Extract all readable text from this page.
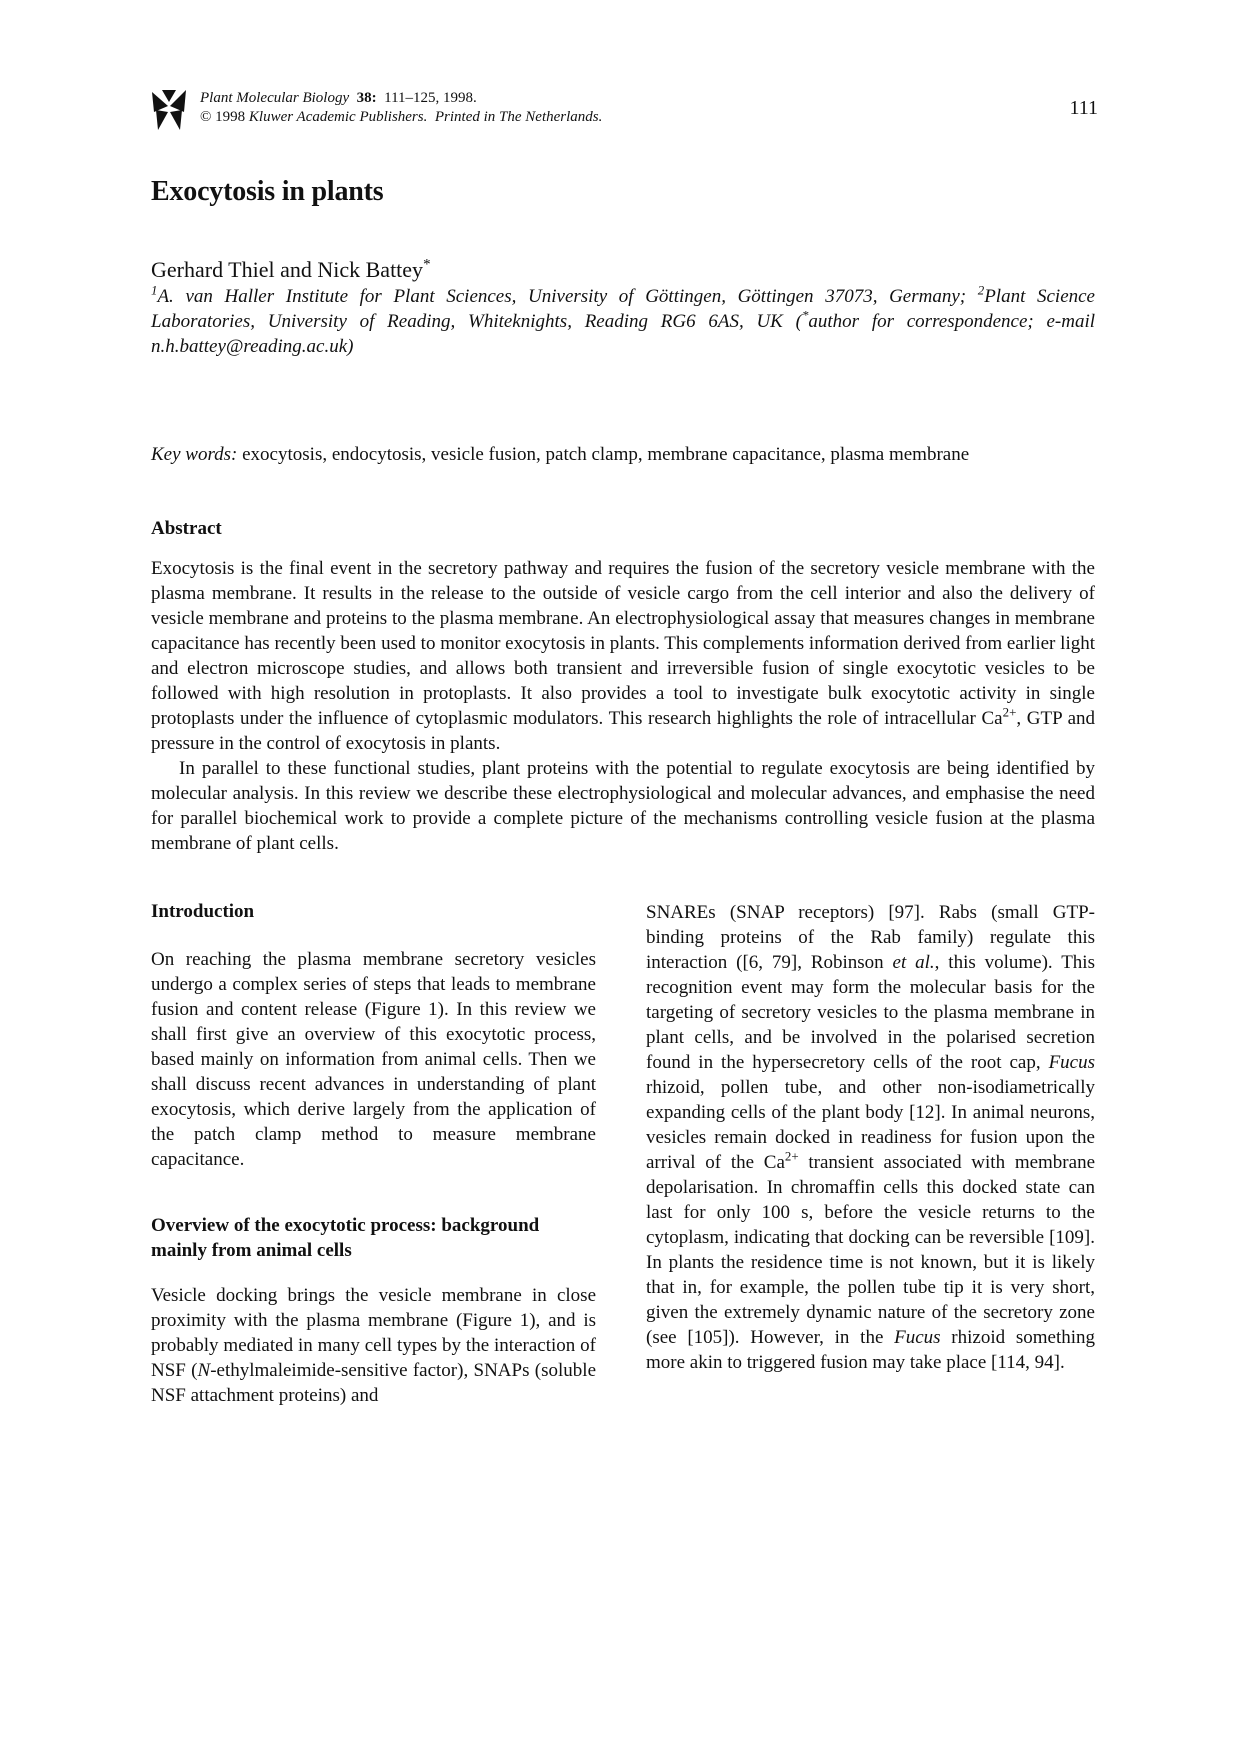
Plant Molecular Biology 38: 111–125, 1998.
© 1998 Kluwer Academic Publishers. Printed in The Netherlands.	111
Exocytosis in plants
Gerhard Thiel and Nick Battey*
$^1$A. van Haller Institute for Plant Sciences, University of Göttingen, Göttingen 37073, Germany; $^2$Plant Science Laboratories, University of Reading, Whiteknights, Reading RG6 6AS, UK (*author for correspondence; e-mail n.h.battey@reading.ac.uk)
Key words: exocytosis, endocytosis, vesicle fusion, patch clamp, membrane capacitance, plasma membrane
Abstract

Exocytosis is the final event in the secretory pathway and requires the fusion of the secretory vesicle membrane with the plasma membrane. It results in the release to the outside of vesicle cargo from the cell interior and also the delivery of vesicle membrane and proteins to the plasma membrane. An electrophysiological assay that measures changes in membrane capacitance has recently been used to monitor exocytosis in plants. This complements information derived from earlier light and electron microscope studies, and allows both transient and irreversible fusion of single exocytotic vesicles to be followed with high resolution in protoplasts. It also provides a tool to investigate bulk exocytotic activity in single protoplasts under the influence of cytoplasmic modulators. This research highlights the role of intracellular $Ca^{2+}$, GTP and pressure in the control of exocytosis in plants.

In parallel to these functional studies, plant proteins with the potential to regulate exocytosis are being identified by molecular analysis. In this review we describe these electrophysiological and molecular advances, and emphasise the need for parallel biochemical work to provide a complete picture of the mechanisms controlling vesicle fusion at the plasma membrane of plant cells.

Introduction

On reaching the plasma membrane secretory vesicles undergo a complex series of steps that leads to membrane fusion and content release (Figure 1). In this review we shall first give an overview of this exocytotic process, based mainly on information from animal cells. Then we shall discuss recent advances in understanding of plant exocytosis, which derive largely from the application of the patch clamp method to measure membrane capacitance.

Overview of the exocytotic process: background
mainly from animal cells

Vesicle docking brings the vesicle membrane in close proximity with the plasma membrane (Figure 1), and is probably mediated in many cell types by the interaction of NSF (N-ethylmaleimide-sensitive factor), SNAPs (soluble NSF attachment proteins) and

SNAREs (SNAP receptors) [97]. Rabs (small GTP-binding proteins of the Rab family) regulate this interaction ([6, 79], Robinson et al., this volume). This recognition event may form the molecular basis for the targeting of secretory vesicles to the plasma membrane in plant cells, and be involved in the polarised secretion found in the hypersecretory cells of the root cap, Fucus rhizoid, pollen tube, and other non-isodiametrically expanding cells of the plant body [12]. In animal neurons, vesicles remain docked in readiness for fusion upon the arrival of the $Ca^{2+}$ transient associated with membrane depolarisation. In chromaffin cells this docked state can last for only 100 s, before the vesicle returns to the cytoplasm, indicating that docking can be reversible [109]. In plants the residence time is not known, but it is likely that in, for example, the pollen tube tip it is very short, given the extremely dynamic nature of the secretory zone (see [105]). However, in the Fucus rhizoid something more akin to triggered fusion may take place [114, 94].
